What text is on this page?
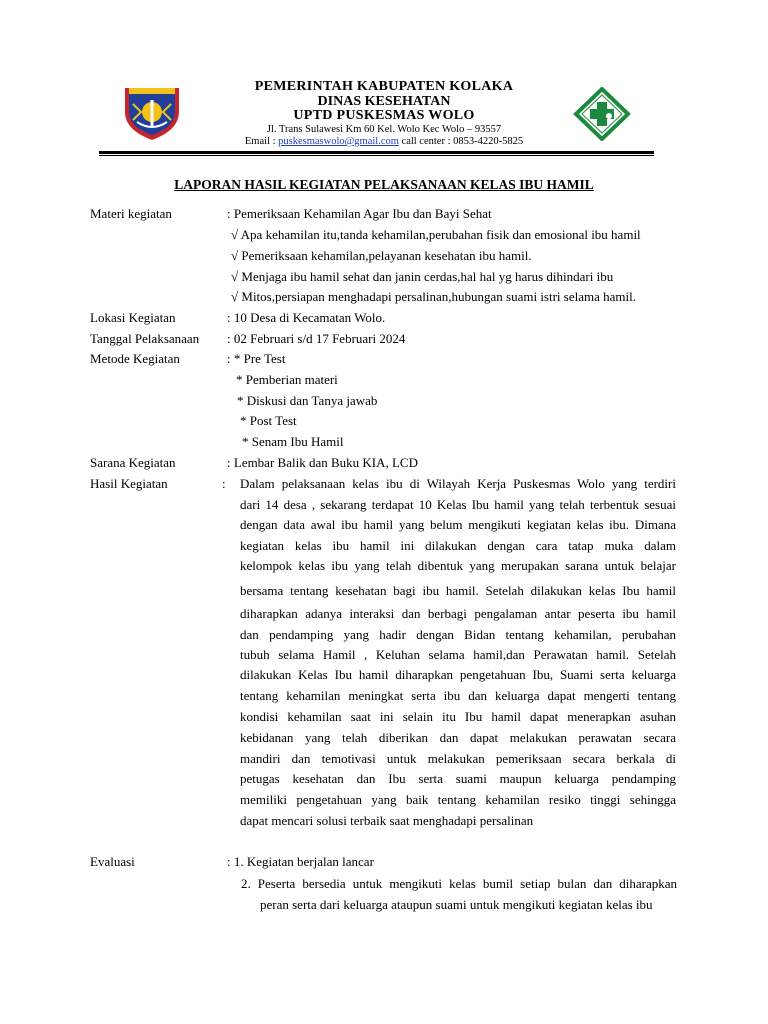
PEMERINTAH KABUPATEN KOLAKA
DINAS KESEHATAN
UPTD PUSKESMAS WOLO
Jl. Trans Sulawesi Km 60 Kel. Wolo Kec Wolo – 93557
Email : puskesmaswolo@gmail.com call center : 0853-4220-5825
LAPORAN HASIL KEGIATAN PELAKSANAAN KELAS IBU HAMIL
Materi kegiatan	: Pemeriksaan Kehamilan Agar Ibu dan Bayi Sehat
√ Apa kehamilan itu,tanda kehamilan,perubahan fisik dan emosional ibu hamil
√ Pemeriksaan kehamilan,pelayanan kesehatan ibu hamil.
√ Menjaga ibu hamil sehat dan janin cerdas,hal hal yg harus dihindari ibu
√ Mitos,persiapan menghadapi persalinan,hubungan suami istri selama hamil.
Lokasi Kegiatan	: 10 Desa di Kecamatan Wolo.
Tanggal Pelaksanaan : 02 Februari s/d 17 Februari 2024
Metode Kegiatan	: * Pre Test
* Pemberian materi
* Diskusi dan Tanya jawab
* Post Test
* Senam Ibu Hamil
Sarana Kegiatan	: Lembar Balik dan Buku KIA, LCD
Hasil Kegiatan	: Dalam pelaksanaan kelas ibu di Wilayah Kerja Puskesmas Wolo yang terdiri
dari 14 desa , sekarang terdapat 10 Kelas Ibu hamil yang telah terbentuk sesuai
dengan data awal ibu hamil yang belum mengikuti kegiatan kelas ibu. Dimana
kegiatan kelas ibu hamil ini dilakukan dengan cara tatap muka dalam
kelompok kelas ibu yang telah dibentuk yang merupakan sarana untuk belajar
bersama tentang kesehatan bagi ibu hamil. Setelah dilakukan kelas Ibu hamil
diharapkan adanya interaksi dan berbagi pengalaman antar peserta ibu hamil
dan pendamping yang hadir dengan Bidan tentang kehamilan, perubahan
tubuh selama Hamil , Keluhan selama hamil,dan Perawatan hamil. Setelah
dilakukan Kelas Ibu hamil diharapkan pengetahuan Ibu, Suami serta keluarga
tentang kehamilan meningkat serta ibu dan keluarga dapat mengerti tentang
kondisi kehamilan saat ini selain itu Ibu hamil dapat menerapkan asuhan
kebidanan yang telah diberikan dan dapat melakukan perawatan secara
mandiri dan temotivasi untuk melakukan pemeriksaan secara berkala di
petugas kesehatan dan Ibu serta suami maupun keluarga pendamping
memiliki pengetahuan yang baik tentang kehamilan resiko tinggi sehingga
dapat mencari solusi terbaik saat menghadapi persalinan
Evaluasi	: 1. Kegiatan berjalan lancar
2. Peserta bersedia untuk mengikuti kelas bumil setiap bulan dan diharapkan
peran serta dari keluarga ataupun suami untuk mengikuti kegiatan kelas ibu
